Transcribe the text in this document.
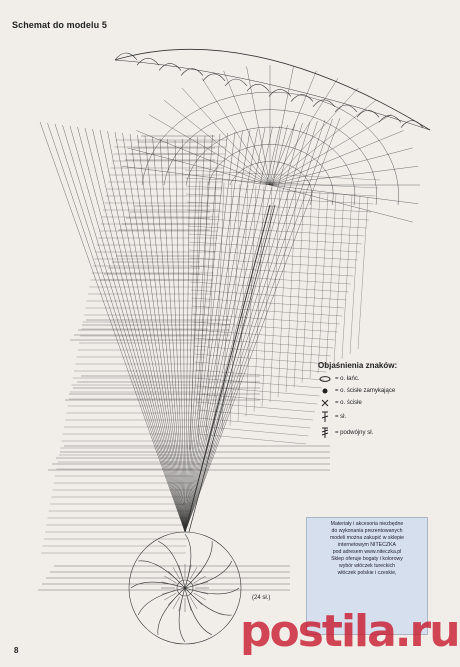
Schemat do modelu 5
Objaśnienia znaków:
= o. łańc.
= o. ścisłe zamykające
= o. ścisłe
= sł.
= podwójny sł.
Materiały i akcesoria niezbędne
do wykonania prezentowanych
modeli można zakupić w sklepie
internetowym NITECZKA
pod adresem www.niteczka.pl
Sklep oferuje bogaty i kolorowy
wybór włóczek tureckich
włóczek polskie i czeskie,
(24 sł.)
8	postila.ru
